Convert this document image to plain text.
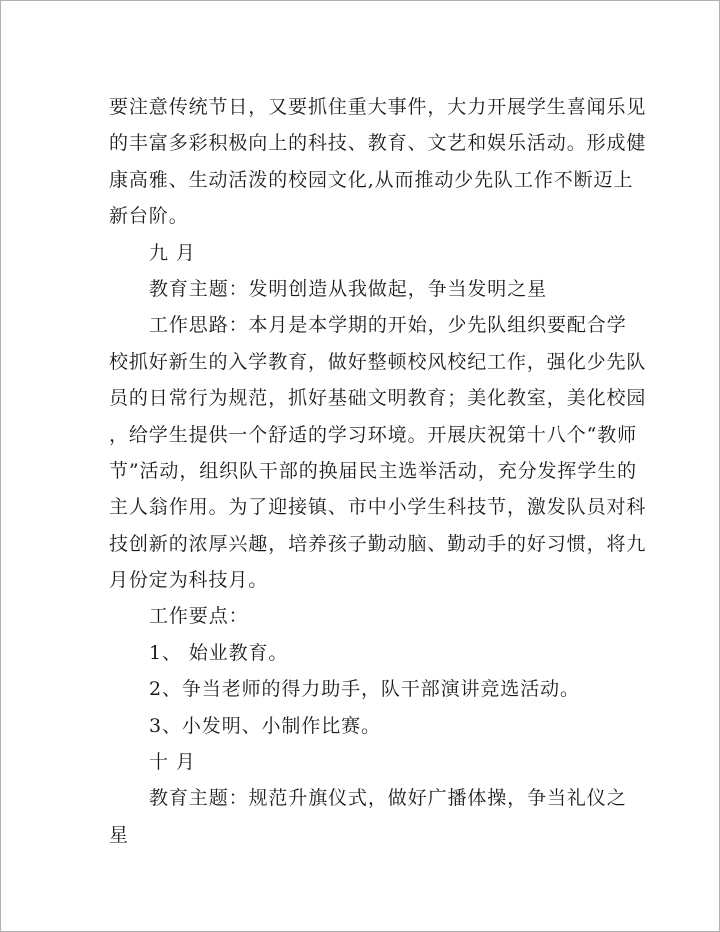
要注意传统节日，又要抓住重大事件，大力开展学生喜闻乐见
的丰富多彩积极向上的科技、教育、文艺和娱乐活动。形成健
康高雅、生动活泼的校园文化,从而推动少先队工作不断迈上
新台阶。
九 月
教育主题：发明创造从我做起，争当发明之星
工作思路：本月是本学期的开始，少先队组织要配合学
校抓好新生的入学教育，做好整顿校风校纪工作，强化少先队
员的日常行为规范，抓好基础文明教育；美化教室，美化校园
，给学生提供一个舒适的学习环境。开展庆祝第十八个“教师
节”活动，组织队干部的换届民主选举活动，充分发挥学生的
主人翁作用。为了迎接镇、市中小学生科技节，激发队员对科
技创新的浓厚兴趣，培养孩子勤动脑、勤动手的好习惯，将九
月份定为科技月。
工作要点：
1、 始业教育。
2、争当老师的得力助手，队干部演讲竞选活动。
3、小发明、小制作比赛。
十 月
教育主题：规范升旗仪式，做好广播体操，争当礼仪之
星
